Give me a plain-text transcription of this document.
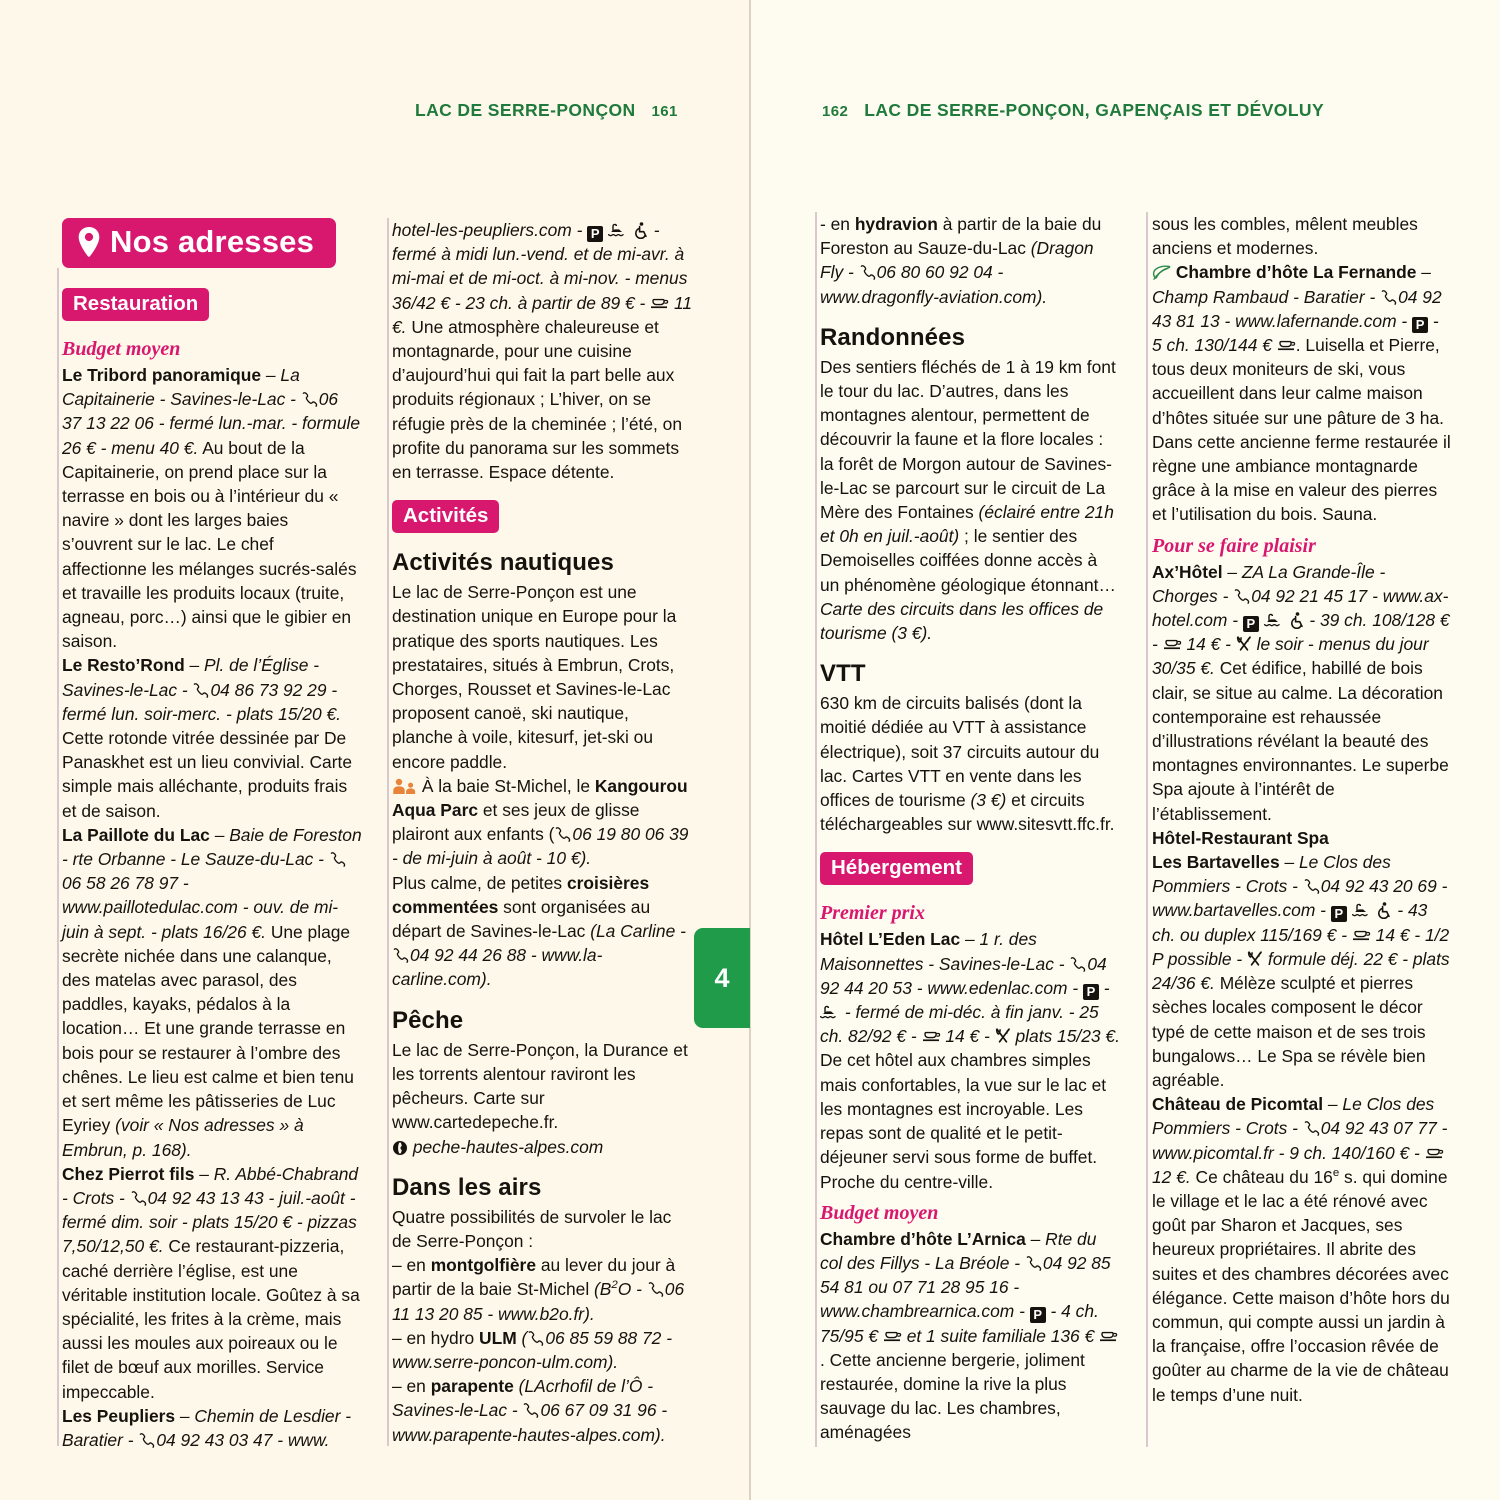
LAC DE SERRE-PONÇON 161	162 LAC DE SERRE-PONÇON, GAPENÇAIS ET DÉVOLUY
4
Nos adresses
Restauration
Budget moyen

Le Tribord panoramique – La Capitainerie - Savines-le-Lac - 06 37 13 22 06 - fermé lun.-mar. - formule 26 € - menu 40 €. Au bout de la Capitainerie, on prend place sur la terrasse en bois ou à l’intérieur du « navire » dont les larges baies s’ouvrent sur le lac. Le chef affectionne les mélanges sucrés-salés et travaille les produits locaux (truite, agneau, porc…) ainsi que le gibier en saison.

Le Resto’Rond – Pl. de l’Église - Savines-le-Lac - 04 86 73 92 29 - fermé lun. soir-merc. - plats 15/20 €. Cette rotonde vitrée dessinée par De Panaskhet est un lieu convivial. Carte simple mais alléchante, produits frais et de saison.

La Paillote du Lac – Baie de Foreston - rte Orbanne - Le Sauze-du-Lac - 06 58 26 78 97 - www.paillotedulac.com - ouv. de mi-juin à sept. - plats 16/26 €. Une plage secrète nichée dans une calanque, des matelas avec parasol, des paddles, kayaks, pédalos à la location… Et une grande terrasse en bois pour se restaurer à l’ombre des chênes. Le lieu est calme et bien tenu et sert même les pâtisseries de Luc Eyriey (voir « Nos adresses » à Embrun, p. 168).

Chez Pierrot fils – R. Abbé-Chabrand - Crots - 04 92 43 13 43 - juil.-août - fermé dim. soir - plats 15/20 € - pizzas 7,50/12,50 €. Ce restaurant-pizzeria, caché derrière l’église, est une véritable institution locale. Goûtez à sa spécialité, les frites à la crème, mais aussi les moules aux poireaux ou le filet de bœuf aux morilles. Service impeccable.

Les Peupliers – Chemin de Lesdier - Baratier - 04 92 43 03 47 - www.

hotel-les-peupliers.com - P	- fermé à midi lun.-vend. et de mi-avr. à mi-mai et de mi-oct. à mi-nov. - menus 36/42 € - 23 ch. à partir de 89 € -  11 €. Une atmosphère chaleureuse et montagnarde, pour une cuisine d’aujourd’hui qui fait la part belle aux produits régionaux ; L’hiver, on se réfugie près de la cheminée ; l’été, on profite du panorama sur les sommets en terrasse. Espace détente.

Activités
Activités nautiques

Le lac de Serre-Ponçon est une destination unique en Europe pour la pratique des sports nautiques. Les prestataires, situés à Embrun, Crots, Chorges, Rousset et Savines-le-Lac proposent canoë, ski nautique, planche à voile, kitesurf, jet-ski ou encore paddle.

À la baie St-Michel, le Kangourou Aqua Parc et ses jeux de glisse plairont aux enfants ( 06 19 80 06 39 - de mi-juin à août - 10 €).

Plus calme, de petites croisières commentées sont organisées au départ de Savines-le-Lac (La Carline - 04 92 44 26 88 - www.la-carline.com).

Pêche

Le lac de Serre-Ponçon, la Durance et les torrents alentour raviront les pêcheurs. Carte sur www.cartedepeche.fr.

peche-hautes-alpes.com

Dans les airs

Quatre possibilités de survoler le lac de Serre-Ponçon :

– en montgolfière au lever du jour à partir de la baie St-Michel ($B^2O - 06$ 11 13 20 85 - www.b2o.fr).

– en hydro ULM ( 06 85 59 88 72 - www.serre-poncon-ulm.com).

– en parapente (LAcrhofil de l’Ô - Savines-le-Lac - 06 67 09 31 96 - www.parapente-hautes-alpes.com).

- en hydravion à partir de la baie du Foreston au Sauze-du-Lac (Dragon Fly - 06 80 60 92 04 - www.dragonfly-aviation.com).

Randonnées

Des sentiers fléchés de 1 à 19 km font le tour du lac. D’autres, dans les montagnes alentour, permettent de découvrir la faune et la flore locales : la forêt de Morgon autour de Savines-le-Lac se parcourt sur le circuit de La Mère des Fontaines (éclairé entre 21h et 0h en juil.-août) ; le sentier des Demoiselles coiffées donne accès à un phénomène géologique étonnant… Carte des circuits dans les offices de tourisme (3 €).

VTT

630 km de circuits balisés (dont la moitié dédiée au VTT à assistance électrique), soit 37 circuits autour du lac. Cartes VTT en vente dans les offices de tourisme (3 €) et circuits téléchargeables sur www.sitesvtt.ffc.fr.

Hébergement
Premier prix

Hôtel L’Eden Lac – 1 r. des Maisonnettes - Savines-le-Lac - 04 92 44 20 53 - www.edenlac.com - P -  - fermé de mi-déc. à fin janv. - 25 ch. 82/92 € -  14 € -  plats 15/23 €. De cet hôtel aux chambres simples mais confortables, la vue sur le lac et les montagnes est incroyable. Les repas sont de qualité et le petit-déjeuner servi sous forme de buffet. Proche du centre-ville.

Budget moyen

Chambre d’hôte L’Arnica – Rte du col des Fillys - La Bréole - 04 92 85 54 81 ou 07 71 28 95 16 - www.chambrearnica.com - P - 4 ch. 75/95 €  et 1 suite familiale 136 € . Cette ancienne bergerie, joliment restaurée, domine la rive la plus sauvage du lac. Les chambres, aménagées

sous les combles, mêlent meubles anciens et modernes.

Chambre d’hôte La Fernande – Champ Rambaud - Baratier - 04 92 43 81 13 - www.lafernande.com - P - 5 ch. 130/144 € . Luisella et Pierre, tous deux moniteurs de ski, vous accueillent dans leur calme maison d’hôtes située sur une pâture de 3 ha. Dans cette ancienne ferme restaurée il règne une ambiance montagnarde grâce à la mise en valeur des pierres et l’utilisation du bois. Sauna.

Pour se faire plaisir

Ax’Hôtel – ZA La Grande-Île - Chorges - 04 92 21 45 17 - www.ax-hotel.com - P	- 39 ch. 108/128 € -  14 € -  le soir - menus du jour 30/35 €. Cet édifice, habillé de bois clair, se situe au calme. La décoration contemporaine est rehaussée d’illustrations révélant la beauté des montagnes environnantes. Le superbe Spa ajoute à l’intérêt de l’établissement.

Hôtel-Restaurant Spa
Les Bartavelles – Le Clos des Pommiers - Crots - 04 92 43 20 69 - www.bartavelles.com - P	- 43 ch. ou duplex 115/169 € -  14 € - 1/2 P possible -  formule déj. 22 € - plats 24/36 €. Mélèze sculpté et pierres sèches locales composent le décor typé de cette maison et de ses trois bungalows… Le Spa se révèle bien agréable.

Château de Picomtal – Le Clos des Pommiers - Crots - 04 92 43 07 77 - www.picomtal.fr - 9 ch. 140/160 € -  12 €. Ce château du 16e s. qui domine le village et le lac a été rénové avec goût par Sharon et Jacques, ses heureux propriétaires. Il abrite des suites et des chambres décorées avec élégance. Cette maison d’hôte hors du commun, qui compte aussi un jardin à la française, offre l’occasion rêvée de goûter au charme de la vie de château le temps d’une nuit.
